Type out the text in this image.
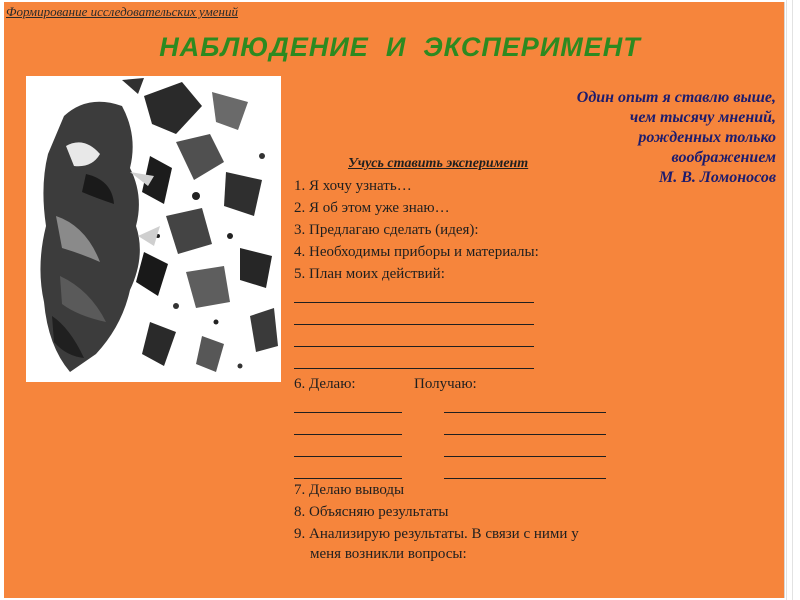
Формирование исследовательских умений
НАБЛЮДЕНИЕ  И  ЭКСПЕРИМЕНТ
Один опыт я ставлю выше,
чем тысячу мнений,
рожденных только
воображением
М. В. Ломоносов
Учусь ставить эксперимент
1. Я хочу узнать…
2. Я об этом уже знаю…
3. Предлагаю сделать (идея):
4. Необходимы приборы и материалы:
5. План моих действий:
6. Делаю:	Получаю:
7. Делаю выводы
8. Объясняю результаты
9. Анализирую результаты. В связи с ними у
меня возникли вопросы:
